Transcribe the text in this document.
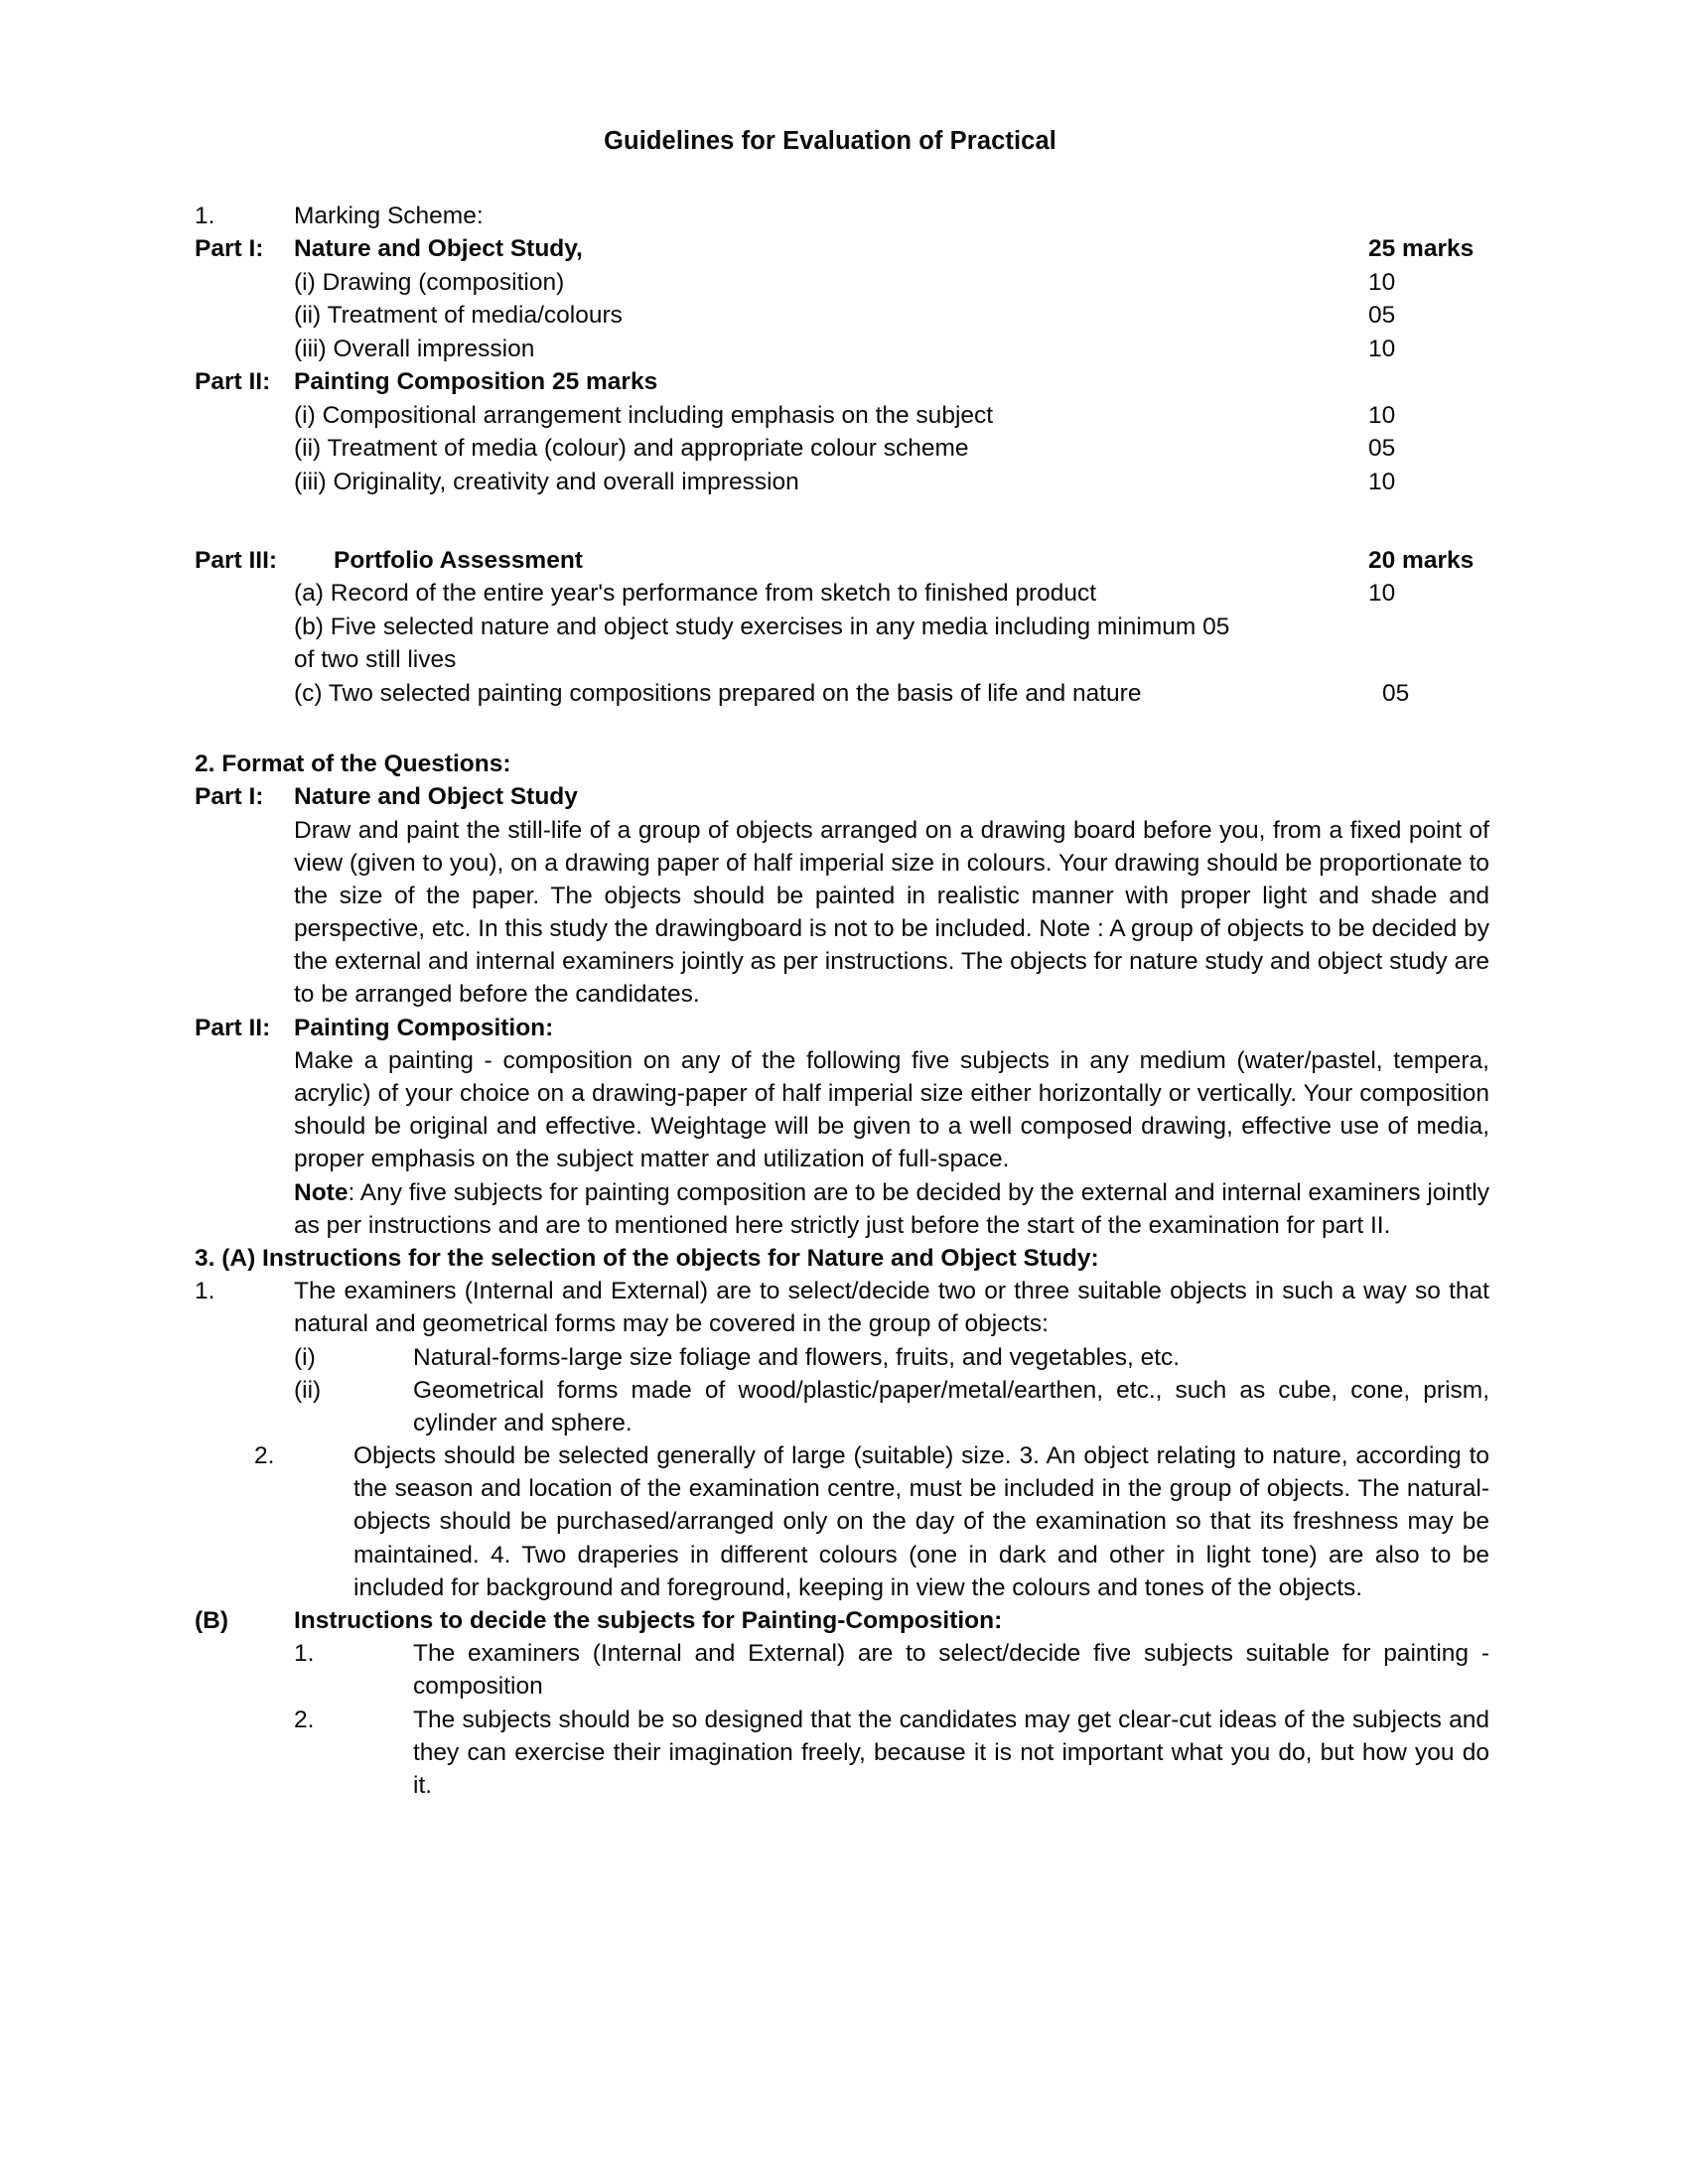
Guidelines for Evaluation of Practical
1.	Marking Scheme:
Part I:	Nature and Object Study,	25 marks
(i) Drawing (composition)	10
(ii) Treatment of media/colours	05
(iii) Overall impression	10
Part II: Painting Composition 25 marks
(i) Compositional arrangement including emphasis on the subject	10
(ii) Treatment of media (colour) and appropriate colour scheme	05
(iii) Originality, creativity and overall impression	10
Part III:	Portfolio Assessment	20 marks
(a) Record of the entire year's performance from sketch to finished product	10
(b) Five selected nature and object study exercises in any media including minimum 05
of two still lives
(c) Two selected painting compositions prepared on the basis of life and nature	05
2. Format of the Questions:
Part I:	Nature and Object Study
Draw and paint the still-life of a group of objects arranged on a drawing board before you, from a fixed point of view (given to you), on a drawing paper of half imperial size in colours. Your drawing should be proportionate to the size of the paper. The objects should be painted in realistic manner with proper light and shade and perspective, etc. In this study the drawingboard is not to be included. Note : A group of objects to be decided by the external and internal examiners jointly as per instructions. The objects for nature study and object study are to be arranged before the candidates.
Part II: Painting Composition:
Make a painting - composition on any of the following five subjects in any medium (water/pastel, tempera, acrylic) of your choice on a drawing-paper of half imperial size either horizontally or vertically. Your composition should be original and effective. Weightage will be given to a well composed drawing, effective use of media, proper emphasis on the subject matter and utilization of full-space.
Note: Any five subjects for painting composition are to be decided by the external and internal examiners jointly as per instructions and are to mentioned here strictly just before the start of the examination for part II.
3. (A) Instructions for the selection of the objects for Nature and Object Study:
1.	The examiners (Internal and External) are to select/decide two or three suitable objects in such a way so that natural and geometrical forms may be covered in the group of objects:
(i)	Natural-forms-large size foliage and flowers, fruits, and vegetables, etc.
(ii)	Geometrical forms made of wood/plastic/paper/metal/earthen, etc., such as cube, cone, prism, cylinder and sphere.
2.	Objects should be selected generally of large (suitable) size. 3. An object relating to nature, according to the season and location of the examination centre, must be included in the group of objects. The natural-objects should be purchased/arranged only on the day of the examination so that its freshness may be maintained. 4. Two draperies in different colours (one in dark and other in light tone) are also to be included for background and foreground, keeping in view the colours and tones of the objects.
(B)	Instructions to decide the subjects for Painting-Composition:
1.	The examiners (Internal and External) are to select/decide five subjects suitable for painting - composition
2.	The subjects should be so designed that the candidates may get clear-cut ideas of the subjects and they can exercise their imagination freely, because it is not important what you do, but how you do it.
